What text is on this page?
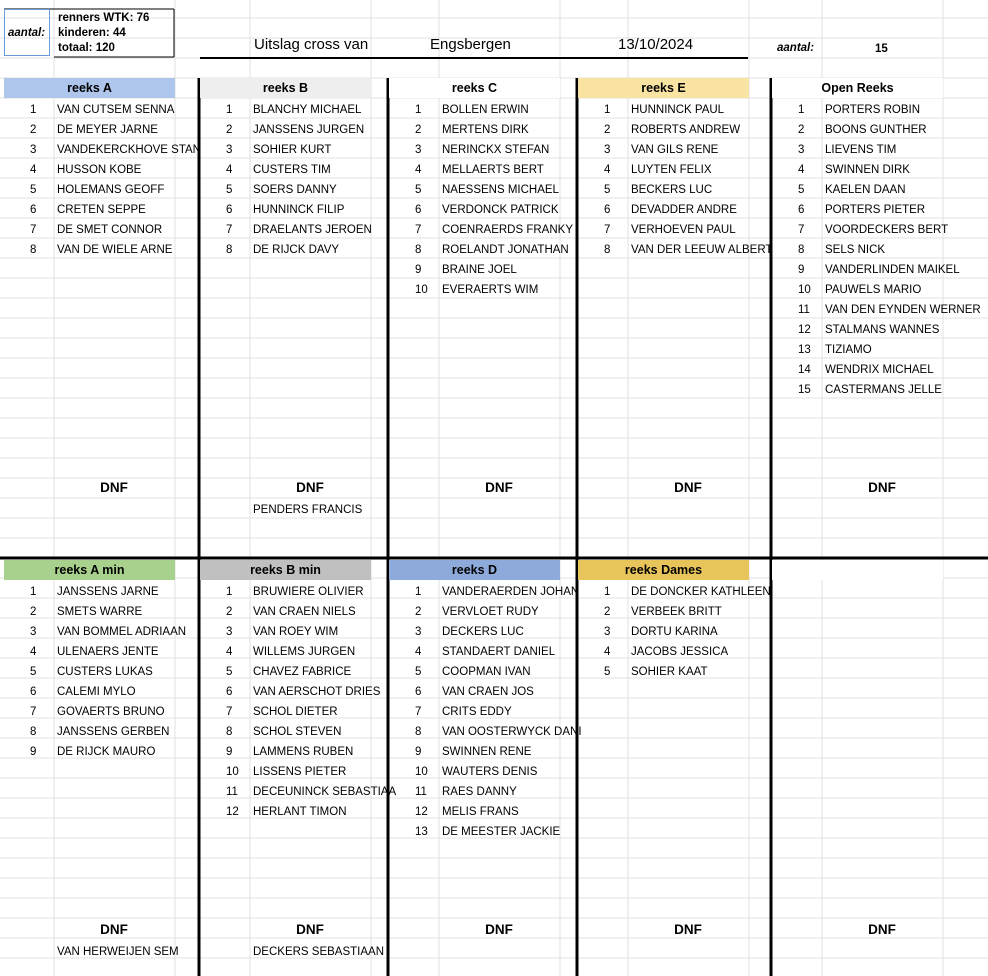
aantal:
renners WTK: 76
kinderen: 44
totaal: 120	Uitslag cross van	Engsbergen	13/10/2024	aantal:	15
reeks A
1	VAN CUTSEM SENNA
2	DE MEYER JARNE
3	VANDEKERCKHOVE STAN
4	HUSSON KOBE
5	HOLEMANS GEOFF
6	CRETEN SEPPE
7	DE SMET CONNOR
8	VAN DE WIELE ARNE
DNF
reeks B
1	BLANCHY MICHAEL
2	JANSSENS JURGEN
3	SOHIER KURT
4	CUSTERS TIM
5	SOERS DANNY
6	HUNNINCK FILIP
7	DRAELANTS JEROEN
8	DE RIJCK DAVY
DNF
PENDERS FRANCIS
reeks C
1	BOLLEN ERWIN
2	MERTENS DIRK
3	NERINCKX STEFAN
4	MELLAERTS BERT
5	NAESSENS MICHAEL
6	VERDONCK PATRICK
7	COENRAERDS FRANKY
8	ROELANDT JONATHAN
9	BRAINE JOEL
10	EVERAERTS WIM
DNF
reeks E
1	HUNNINCK PAUL
2	ROBERTS ANDREW
3	VAN GILS RENE
4	LUYTEN FELIX
5	BECKERS LUC
6	DEVADDER ANDRE
7	VERHOEVEN PAUL
8	VAN DER LEEUW ALBERT
DNF
Open Reeks
1	PORTERS ROBIN
2	BOONS GUNTHER
3	LIEVENS TIM
4	SWINNEN DIRK
5	KAELEN DAAN
6	PORTERS PIETER
7	VOORDECKERS BERT
8	SELS NICK
9	VANDERLINDEN MAIKEL
10	PAUWELS MARIO
11	VAN DEN EYNDEN WERNER
12	STALMANS WANNES
13	TIZIAMO
14	WENDRIX MICHAEL
15	CASTERMANS JELLE
DNF
reeks A min
1	JANSSENS JARNE
2	SMETS WARRE
3	VAN BOMMEL ADRIAAN
4	ULENAERS JENTE
5	CUSTERS LUKAS
6	CALEMI MYLO
7	GOVAERTS BRUNO
8	JANSSENS GERBEN
9	DE RIJCK MAURO
DNF
VAN HERWEIJEN SEM
reeks B min
1	BRUWIERE OLIVIER
2	VAN CRAEN NIELS
3	VAN ROEY WIM
4	WILLEMS JURGEN
5	CHAVEZ FABRICE
6	VAN AERSCHOT DRIES
7	SCHOL DIETER
8	SCHOL STEVEN
9	LAMMENS RUBEN
10	LISSENS PIETER
11	DECEUNINCK SEBASTIAA
12	HERLANT TIMON
DNF
DECKERS SEBASTIAAN
reeks D
1	VANDERAERDEN JOHAN
2	VERVLOET RUDY
3	DECKERS LUC
4	STANDAERT DANIEL
5	COOPMAN IVAN
6	VAN CRAEN JOS
7	CRITS EDDY
8	VAN OOSTERWYCK DANI
9	SWINNEN RENE
10	WAUTERS DENIS
11	RAES DANNY
12	MELIS FRANS
13	DE MEESTER JACKIE
DNF
reeks Dames
1	DE DONCKER KATHLEEN
2	VERBEEK BRITT
3	DORTU KARINA
4	JACOBS JESSICA
5	SOHIER KAAT
DNF	DNF
